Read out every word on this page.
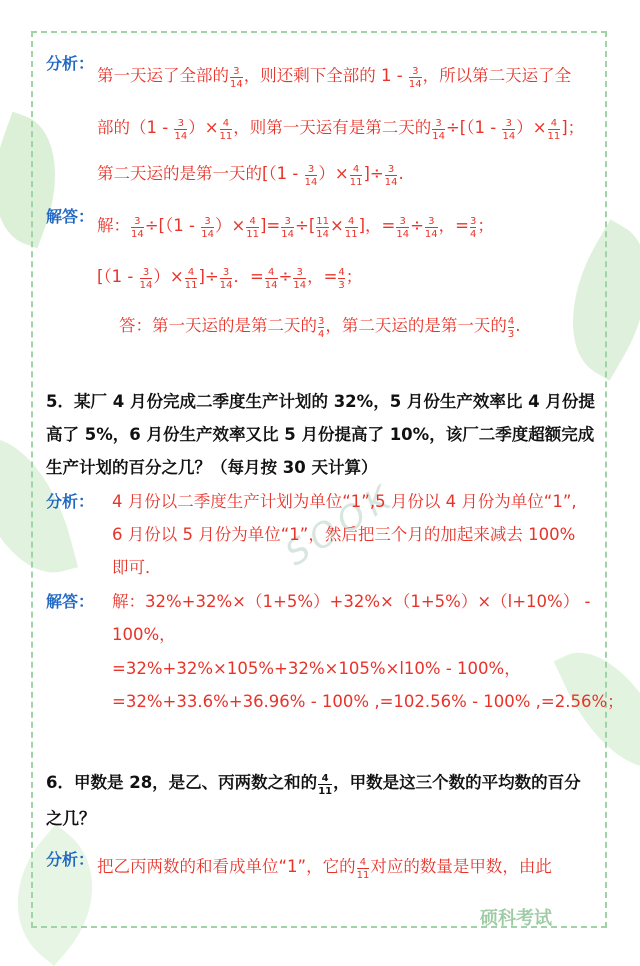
SOOK
分析：
第一天运了全部的 $\frac{3}{14}$ ，则还剩下全部的 $1 - \frac{3}{14}$ ，所以第二天运了全
部的（$1 - \frac{3}{14}$ ）× $\frac{4}{11}$ ，则第一天运有是第二天的 $\frac{3}{14} \div[(1 - \frac{3}{14}$ ）× $\frac{4}{11}$ ]；
第二天运的是第一天的[（$1 - \frac{3}{14}$ ）× $\frac{4}{11}$ ]÷ $\frac{3}{14}$ .
解答： 解： $\frac{3}{14} \div[(1 - \frac{3}{14}$ ）× $\frac{4}{11}$ ]= $\frac{3}{14}$ ÷[ $\frac{11}{14} \times \frac{4}{11}$ ]，= $\frac{3}{14} \div \frac{3}{14}$ ，= $\frac{3}{4}$ ；
[（$1 - \frac{3}{14}$ ）× $\frac{4}{11}$ ]÷ $\frac{3}{14}$ ．= $\frac{4}{14} \div \frac{3}{14}$ ，= $\frac{4}{3}$ ；
答：第一天运的是第二天的 $\frac{3}{4}$ ，第二天运的是第一天的 $\frac{4}{3}$ .
5．某厂 4 月份完成二季度生产计划的 32%，5 月份生产效率比 4 月份提
高了 5%，6 月份生产效率又比 5 月份提高了 10%，该厂二季度超额完成
生产计划的百分之几？（每月按 30 天计算）
分析： 4 月份以二季度生产计划为单位“1”,5 月份以 4 月份为单位“1”,
6 月份以 5 月份为单位“1”，然后把三个月的加起来减去 100%
即可．
解答： 解：32%+32%×（1+5%）+32%×（1+5%）×（l+10%） -
100%，
=32%+32%×105%+32%×105%×l10% - 100%，
=32%+33.6%+36.96% - 100% ,=102.56% - 100% ,=2.56%；
6．甲数是 28，是乙、丙两数之和的 $\frac{4}{11}$ ，甲数是这三个数的平均数的百分
之几？
分析： 把乙丙两数的和看成单位“1”，它的 $\frac{4}{11}$ 对应的数量是甲数，由此
硕科考试
